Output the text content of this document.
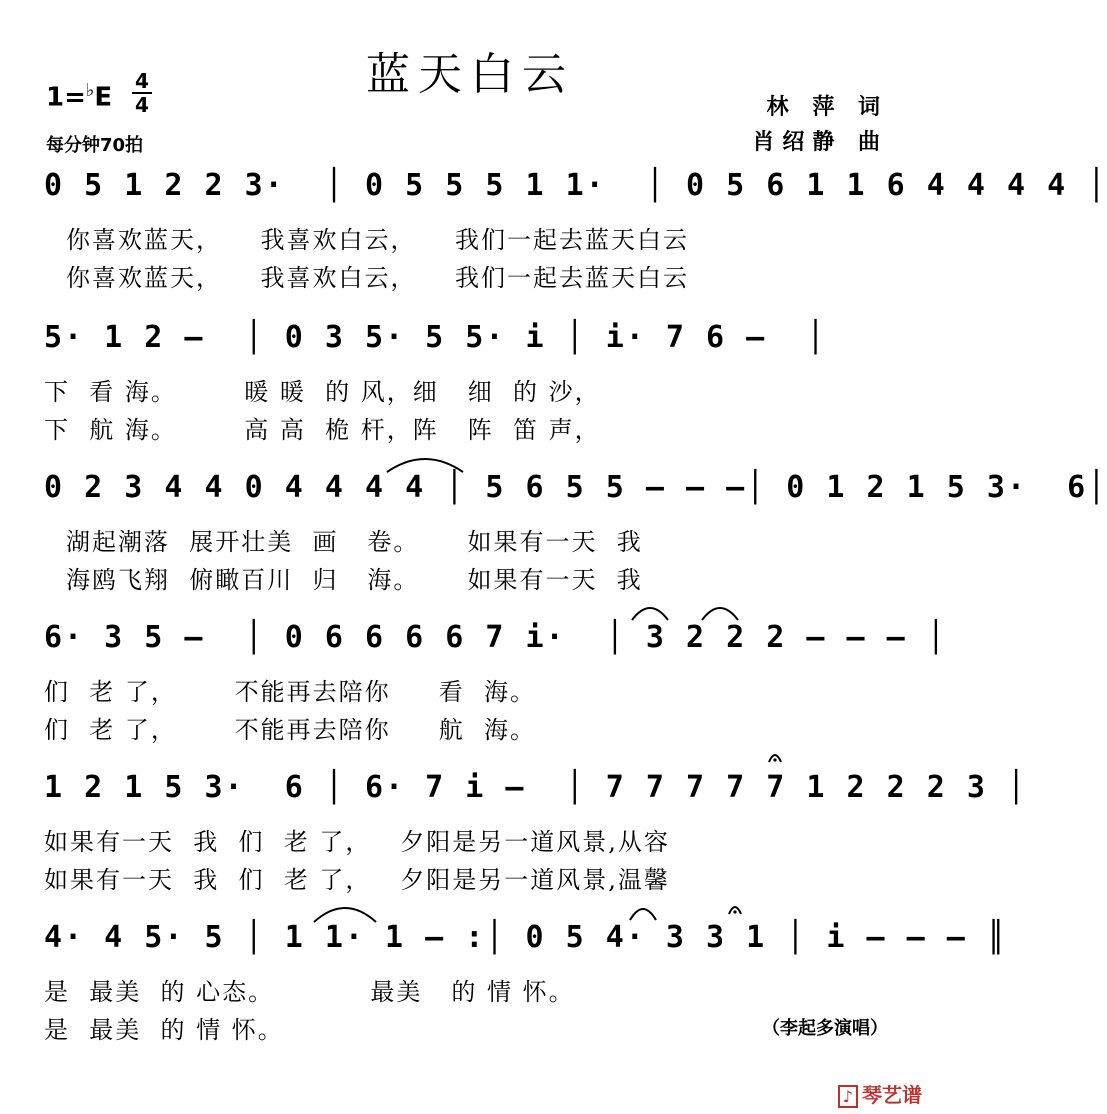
蓝天白云
1=♭E
4
4
每分钟70拍
林 萍 词
肖绍静 曲
0 5 1 2 2 3·  │ 0 5 5 5 1 1·  │ 0 5 6 1 1 6 4 4 4 4 │
你喜欢蓝天，    我喜欢白云，    我们一起去蓝天白云
你喜欢蓝天，    我喜欢白云，    我们一起去蓝天白云
5· 1 2 –  │ 0 3 5· 5 5· i │ i· 7 6 –  │
下  看 海。       暖 暖  的 风，细   细  的 沙，
下  航 海。       高 高  桅 杆，阵   阵  笛 声，
0 2 3 4 4 0 4 4 4 4 │ 5 6 5 5 – – –│ 0 1 2 1 5 3·  6│
湖起潮落  展开壮美  画   卷。     如果有一天  我
海鸥飞翔  俯瞰百川  归   海。     如果有一天  我
6· 3 5 –  │ 0 6 6 6 6 7 i·  │ 3 2 2 2 – – – │
们  老 了，      不能再去陪你     看  海。
们  老 了，      不能再去陪你     航  海。
1 2 1 5 3·  6 │ 6· 7 i –  │ 7 7 7 7 7 1 2 2 2 3 │
如果有一天  我  们  老 了，   夕阳是另一道风景,从容
如果有一天  我  们  老 了，   夕阳是另一道风景,温馨
4· 4 5· 5 │ 1 1· 1 – :│ 0 5 4· 3 3 1 │ i – – – ║
是  最美  的 心态。          最美   的 情 怀。
是  最美  的 情 怀。	（李起多演唱）
♪ 琴艺谱
